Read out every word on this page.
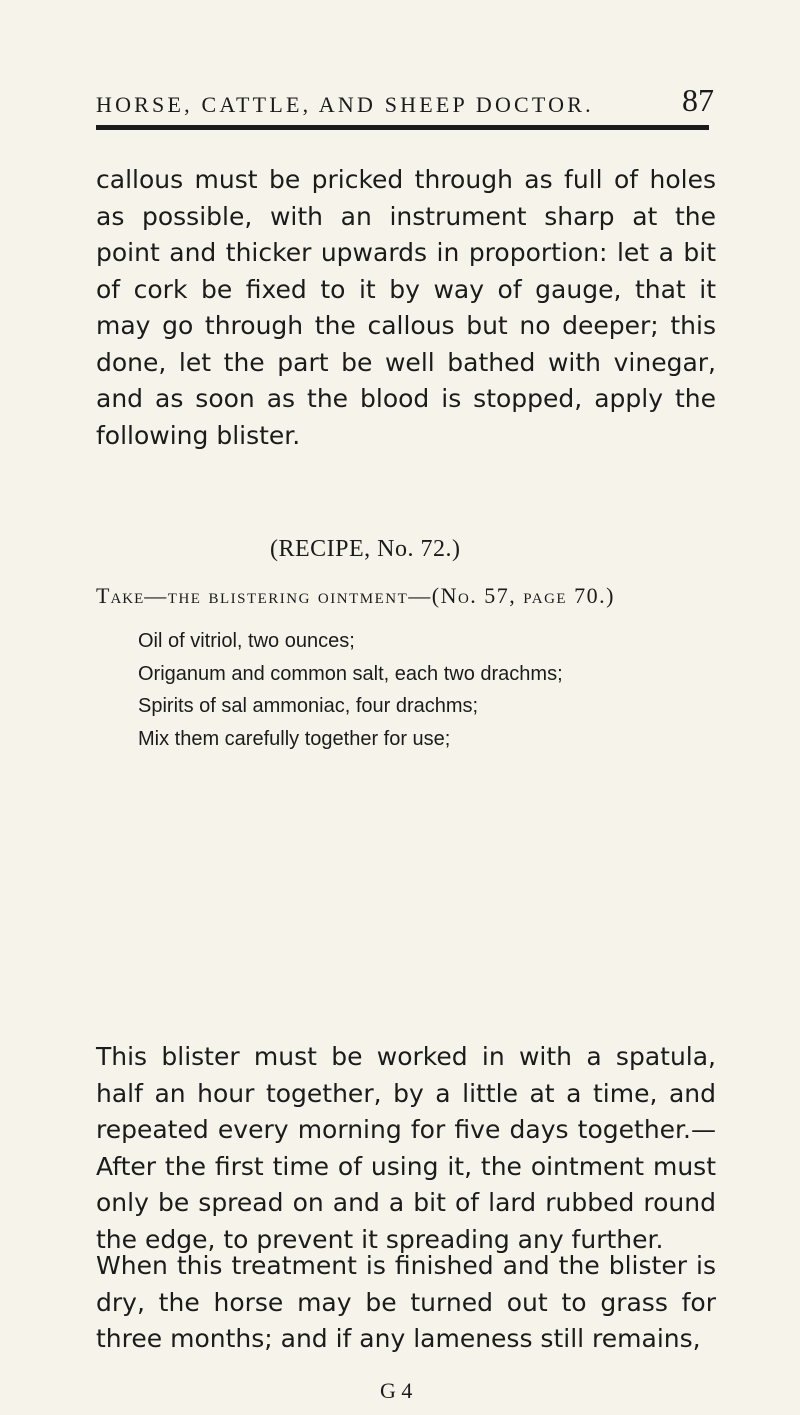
HORSE, CATTLE, AND SHEEP DOCTOR.	87

callous must be pricked through as full of holes as possible, with an instrument sharp at the point and thicker upwards in proportion: let a bit of cork be fixed to it by way of gauge, that it may go through the callous but no deeper; this done, let the part be well bathed with vinegar, and as soon as the blood is stopped, apply the following blister.

(RECIPE, No. 72.)
Take—the blistering ointment—(No. 57, page 70.)
Oil of vitriol, two ounces;
Origanum and common salt, each two drachms;
Spirits of sal ammoniac, four drachms;
Mix them carefully together for use;

This blister must be worked in with a spatula, half an hour together, by a little at a time, and repeated every morning for five days together.— After the first time of using it, the ointment must only be spread on and a bit of lard rubbed round the edge, to prevent it spreading any further.

When this treatment is finished and the blister is dry, the horse may be turned out to grass for three months; and if any lameness still remains,

G 4
